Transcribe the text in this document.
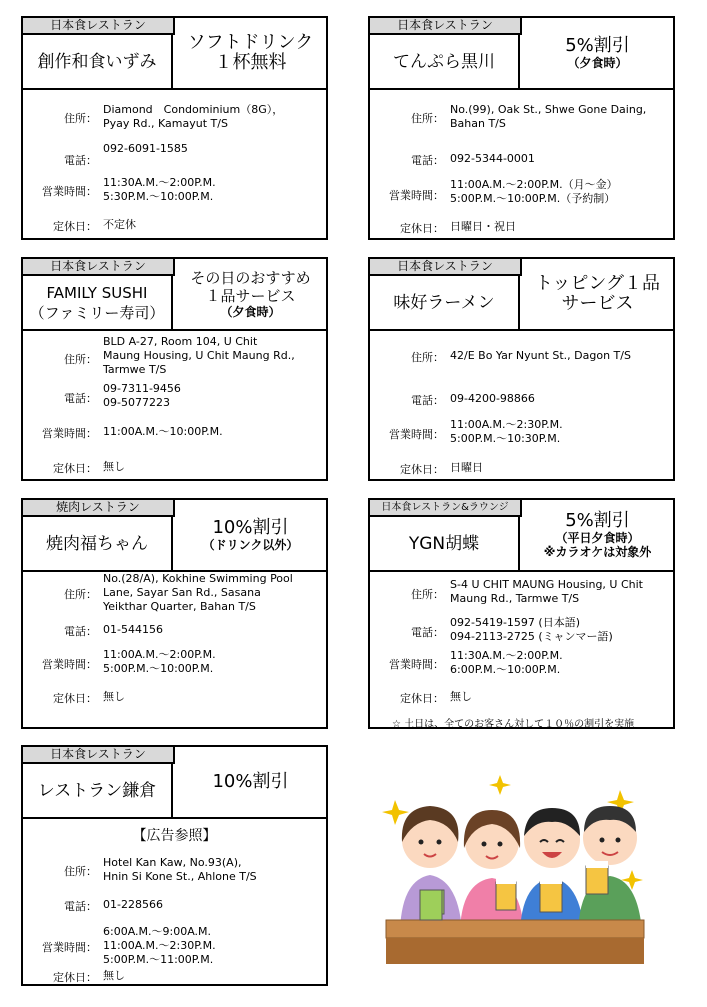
日本食レストラン
創作和食いずみ
ソフトドリンク
１杯無料
住所：
Diamond　Condominium（8G），
Pyay Rd., Kamayut T/S
電話：
092-6091-1585
営業時間：
11:30A.M.～2:00P.M.
5:30P.M.～10:00P.M.
定休日： 不定休
日本食レストラン
てんぷら黒川
5%割引
（夕食時）
住所：
No.(99), Oak St., Shwe Gone Daing,
Bahan T/S
電話： 092-5344-0001
営業時間：
11:00A.M.～2:00P.M.（月～金）
5:00P.M.～10:00P.M.（予約制）
定休日： 日曜日・祝日
日本食レストラン
FAMILY SUSHI
（ファミリー寿司）
その日のおすすめ
１品サービス
（夕食時）
住所：
BLD A-27, Room 104, U Chit
Maung Housing, U Chit Maung Rd.,
Tarmwe T/S
電話：
09-7311-9456
09-5077223
営業時間： 11:00A.M.～10:00P.M.
定休日： 無し
日本食レストラン
味好ラーメン
トッピング１品
サービス
住所： 42/E Bo Yar Nyunt St., Dagon T/S
電話： 09-4200-98866
営業時間：
11:00A.M.～2:30P.M.
5:00P.M.～10:30P.M.
定休日： 日曜日
焼肉レストラン
焼肉福ちゃん
10%割引
（ドリンク以外）
住所：
No.(28/A), Kokhine Swimming Pool
Lane, Sayar San Rd., Sasana
Yeikthar Quarter, Bahan T/S
電話： 01-544156
営業時間：
11:00A.M.～2:00P.M.
5:00P.M.～10:00P.M.
定休日： 無し
日本食レストラン&ラウンジ
YGN胡蝶
5%割引
（平日夕食時）
※カラオケは対象外
住所：
S-4 U CHIT MAUNG Housing, U Chit
Maung Rd., Tarmwe T/S
電話：
092-5419-1597 (日本語)
094-2113-2725 (ミャンマー語)
営業時間：
11:30A.M.～2:00P.M.
6:00P.M.～10:00P.M.
定休日： 無し
☆ 土日は、全てのお客さん対して１０％の割引を実施
日本食レストラン
レストラン鎌倉	10%割引
【広告参照】
住所：
Hotel Kan Kaw, No.93(A),
Hnin Si Kone St., Ahlone T/S
電話： 01-228566
営業時間：
6:00A.M.～9:00A.M.
11:00A.M.～2:30P.M.
5:00P.M.～11:00P.M.
定休日： 無し
